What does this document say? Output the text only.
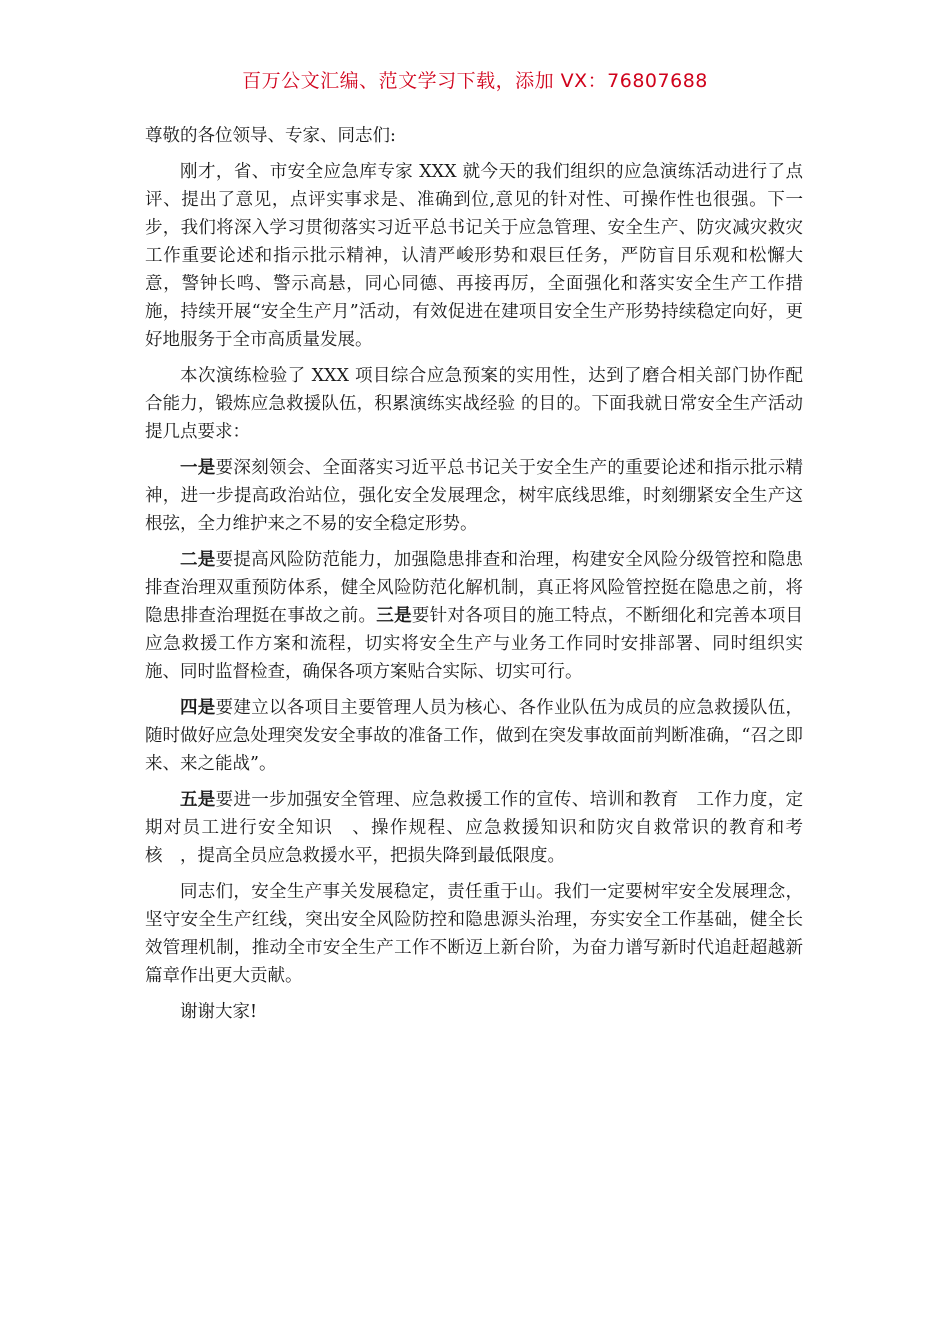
百万公文汇编、范文学习下载，添加 VX：76807688

尊敬的各位领导、专家、同志们:

刚才，省、市安全应急库专家 XXX 就今天的我们组织的应急演练活动进行了点评、提出了意见，点评实事求是、准确到位,意见的针对性、可操作性也很强。下一步，我们将深入学习贯彻落实习近平总书记关于应急管理、安全生产、防灾减灾救灾工作重要论述和指示批示精神，认清严峻形势和艰巨任务，严防盲目乐观和松懈大意，警钟长鸣、警示高悬，同心同德、再接再厉，全面强化和落实安全生产工作措施，持续开展“安全生产月”活动，有效促进在建项目安全生产形势持续稳定向好，更好地服务于全市高质量发展。

本次演练检验了 XXX 项目综合应急预案的实用性，达到了磨合相关部门协作配合能力，锻炼应急救援队伍，积累演练实战经验 的目的。下面我就日常安全生产活动提几点要求：

一是要深刻领会、全面落实习近平总书记关于安全生产的重要论述和指示批示精神，进一步提高政治站位，强化安全发展理念，树牢底线思维，时刻绷紧安全生产这根弦，全力维护来之不易的安全稳定形势。

二是要提高风险防范能力，加强隐患排查和治理，构建安全风险分级管控和隐患排查治理双重预防体系，健全风险防范化解机制，真正将风险管控挺在隐患之前，将隐患排查治理挺在事故之前。三是要针对各项目的施工特点，不断细化和完善本项目应急救援工作方案和流程，切实将安全生产与业务工作同时安排部署、同时组织实施、同时监督检查，确保各项方案贴合实际、切实可行。

四是要建立以各项目主要管理人员为核心、各作业队伍为成员的应急救援队伍，随时做好应急处理突发安全事故的准备工作，做到在突发事故面前判断准确，“召之即来、来之能战”。

五是要进一步加强安全管理、应急救援工作的宣传、培训和教育　工作力度，定期对员工进行安全知识　、操作规程、应急救援知识和防灾自救常识的教育和考核　，提高全员应急救援水平，把损失降到最低限度。

同志们，安全生产事关发展稳定，责任重于山。我们一定要树牢安全发展理念，坚守安全生产红线，突出安全风险防控和隐患源头治理，夯实安全工作基础，健全长效管理机制，推动全市安全生产工作不断迈上新台阶，为奋力谱写新时代追赶超越新篇章作出更大贡献。

谢谢大家!
